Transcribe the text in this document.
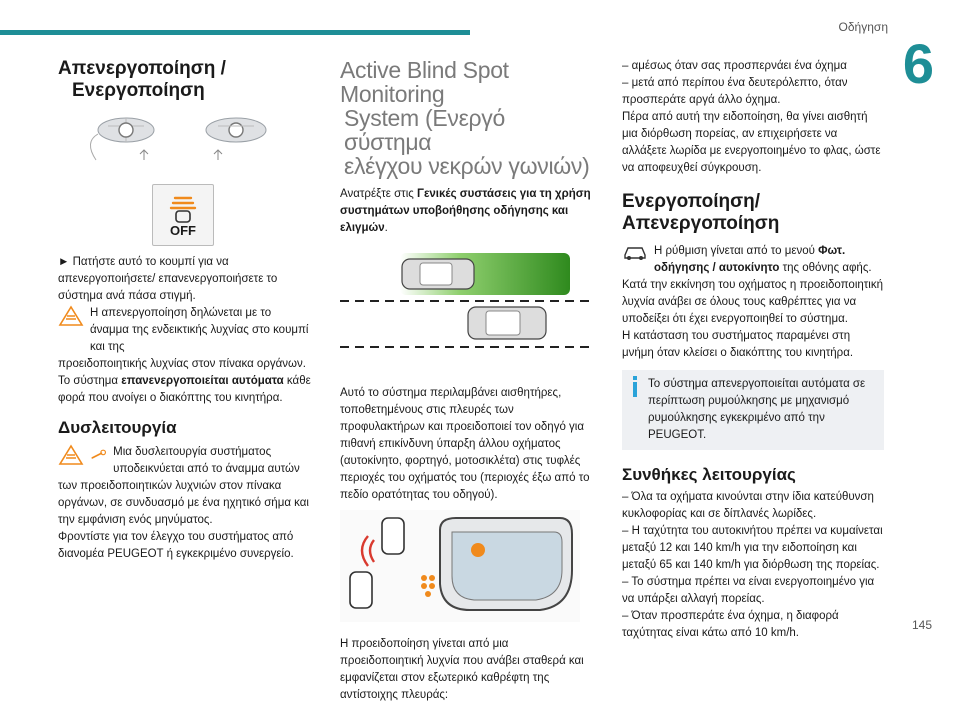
Οδήγηση
6
145
Απενεργοποίηση /
Ενεργοποίηση
OFF

► Πατήστε αυτό το κουμπί για να απενεργοποιήσετε/ επανενεργοποιήσετε το σύστημα ανά πάσα στιγμή.

Η απενεργοποίηση δηλώνεται με το άναμμα της ενδεικτικής λυχνίας στο κουμπί και της

προειδοποιητικής λυχνίας στον πίνακα οργάνων.

Το σύστημα επανενεργοποιείται αυτόματα κάθε φορά που ανοίγει ο διακόπτης του κινητήρα.

Δυσλειτουργία

Μια δυσλειτουργία συστήματος υποδεικνύεται από το άναμμα αυτών

των προειδοποιητικών λυχνιών στον πίνακα οργάνων, σε συνδυασμό με ένα ηχητικό σήμα και την εμφάνιση ενός μηνύματος.

Φροντίστε για τον έλεγχο του συστήματος από διανομέα PEUGEOT ή εγκεκριμένο συνεργείο.

Active Blind Spot Monitoring
System (Ενεργό σύστημα
ελέγχου νεκρών γωνιών)

Ανατρέξτε στις Γενικές συστάσεις για τη χρήση συστημάτων υποβοήθησης οδήγησης και ελιγμών.

Αυτό το σύστημα περιλαμβάνει αισθητήρες, τοποθετημένους στις πλευρές των προφυλακτήρων και προειδοποιεί τον οδηγό για πιθανή επικίνδυνη ύπαρξη άλλου οχήματος (αυτοκίνητο, φορτηγό, μοτοσικλέτα) στις τυφλές περιοχές του οχήματός του (περιοχές έξω από το πεδίο ορατότητας του οδηγού).

Η προειδοποίηση γίνεται από μια προειδοποιητική λυχνία που ανάβει σταθερά και εμφανίζεται στον εξωτερικό καθρέφτη της αντίστοιχης πλευράς:

– αμέσως όταν σας προσπερνάει ένα όχημα

– μετά από περίπου ένα δευτερόλεπτο, όταν προσπεράτε αργά άλλο όχημα.

Πέρα από αυτή την ειδοποίηση, θα γίνει αισθητή μια διόρθωση πορείας, αν επιχειρήσετε να αλλάξετε λωρίδα με ενεργοποιημένο το φλας, ώστε να αποφευχθεί σύγκρουση.

Ενεργοποίηση/
Απενεργοποίηση

Η ρύθμιση γίνεται από το μενού Φωτ. οδήγησης / αυτοκίνητο της οθόνης αφής.

Κατά την εκκίνηση του οχήματος η προειδοποιητική λυχνία ανάβει σε όλους τους καθρέπτες για να υποδείξει ότι έχει ενεργοποιηθεί το σύστημα.

Η κατάσταση του συστήματος παραμένει στη μνήμη όταν κλείσει ο διακόπτης του κινητήρα.

Το σύστημα απενεργοποιείται αυτόματα σε περίπτωση ρυμούλκησης με μηχανισμό ρυμούλκησης εγκεκριμένο από την PEUGEOT.

Συνθήκες λειτουργίας

– Όλα τα οχήματα κινούνται στην ίδια κατεύθυνση κυκλοφορίας και σε δίπλανές λωρίδες.

– Η ταχύτητα του αυτοκινήτου πρέπει να κυμαίνεται μεταξύ 12 και 140 km/h για την ειδοποίηση και μεταξύ 65 και 140 km/h για διόρθωση της πορείας.

– Το σύστημα πρέπει να είναι ενεργοποιημένο για να υπάρξει αλλαγή πορείας.

– Όταν προσπεράτε ένα όχημα, η διαφορά ταχύτητας είναι κάτω από 10 km/h.
